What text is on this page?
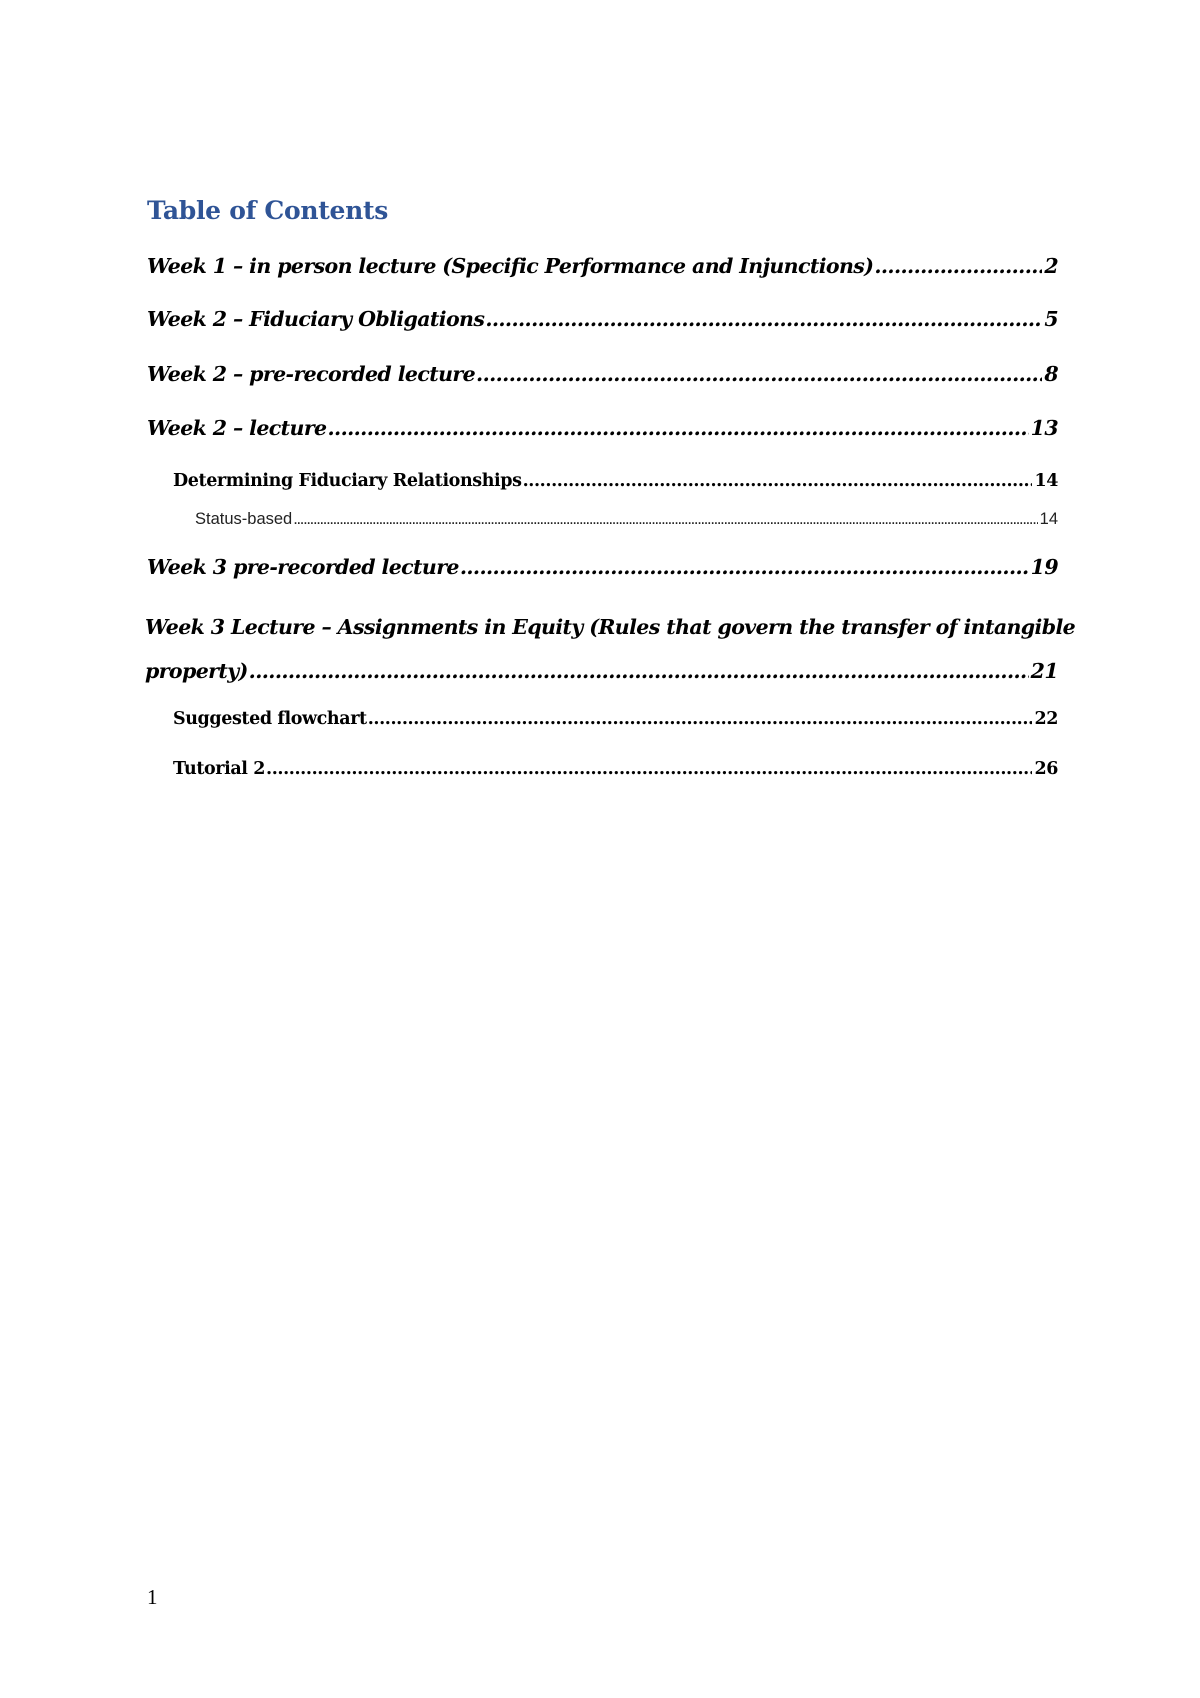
Table of Contents
Week 1 – in person lecture (Specific Performance and Injunctions) .....	2
Week 2 – Fiduciary Obligations .....	5
Week 2 – pre-recorded lecture .....	8
Week 2 – lecture .....	13
Determining Fiduciary Relationships .....	14
Status-based .....	14
Week 3 pre-recorded lecture .....	19
Week 3 Lecture – Assignments in Equity (Rules that govern the transfer of intangible
property) .....	21
Suggested flowchart .....	22
Tutorial 2 .....	26
1
